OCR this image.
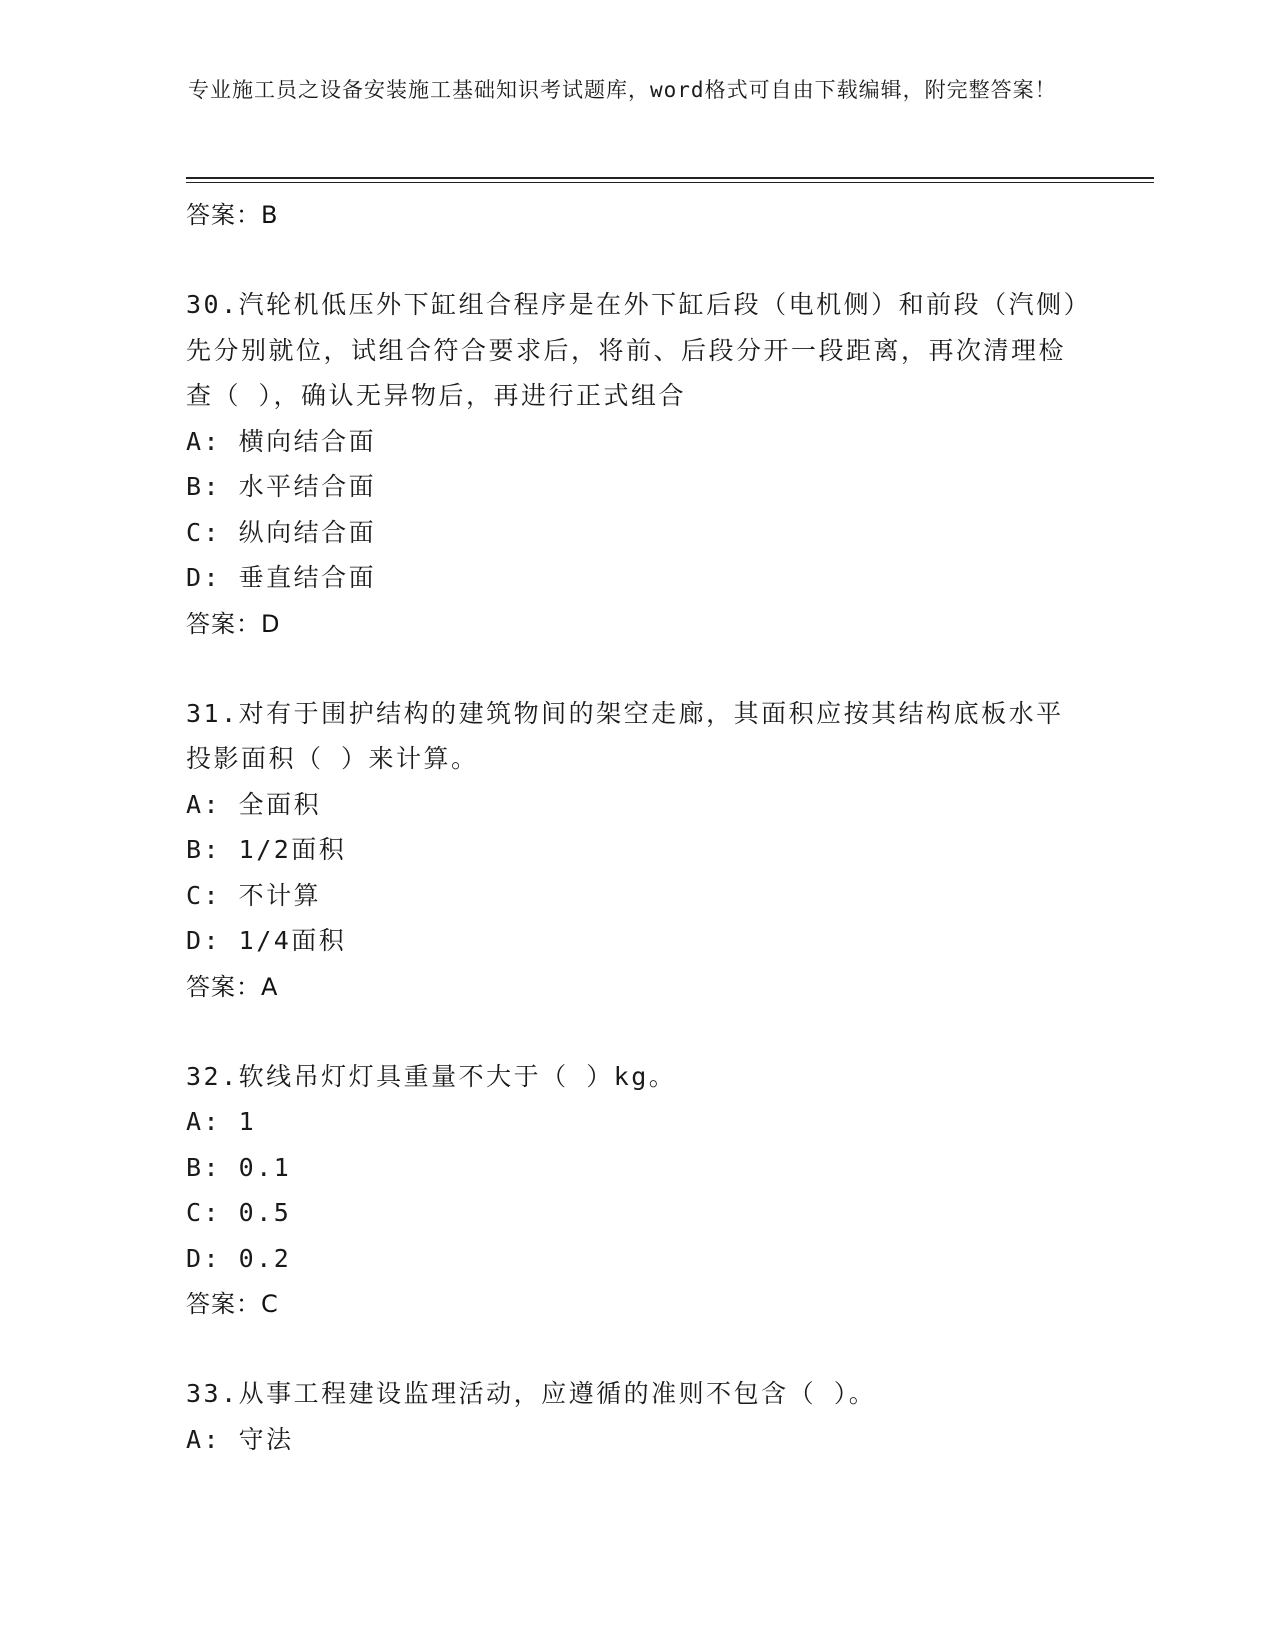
专业施工员之设备安装施工基础知识考试题库，word格式可自由下载编辑，附完整答案！
答案：B
30.汽轮机低压外下缸组合程序是在外下缸后段（电机侧）和前段（汽侧）先分别就位，试组合符合要求后，将前、后段分开一段距离，再次清理检查（ ），确认无异物后，再进行正式组合
A: 横向结合面
B: 水平结合面
C: 纵向结合面
D: 垂直结合面
答案：D
31.对有于围护结构的建筑物间的架空走廊，其面积应按其结构底板水平投影面积（ ）来计算。
A: 全面积
B: 1/2面积
C: 不计算
D: 1/4面积
答案：A
32.软线吊灯灯具重量不大于（ ）kg。
A: 1
B: 0.1
C: 0.5
D: 0.2
答案：C
33.从事工程建设监理活动，应遵循的准则不包含（ ）。
A: 守法
